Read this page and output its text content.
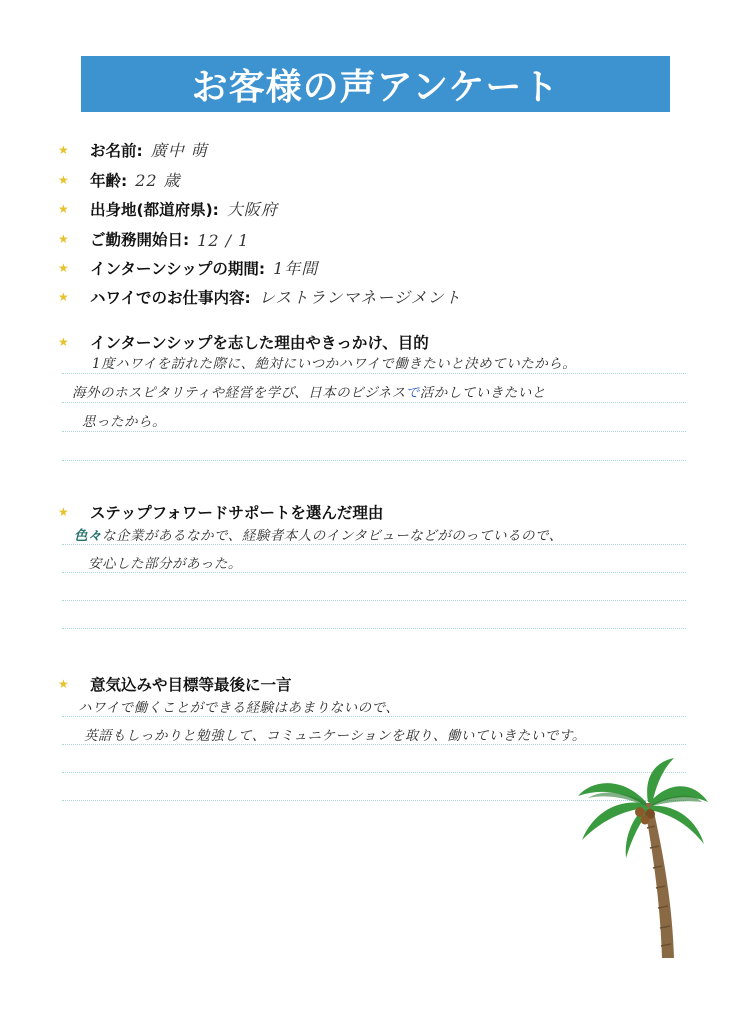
お客様の声アンケート
★	お名前: 廣中 萌
★	年齢: 22 歳
★	出身地(都道府県): 大阪府
★	ご勤務開始日: 12 / 1
★	インターンシップの期間: 1年間
★	ハワイでのお仕事内容: レストランマネージメント
★	インターンシップを志した理由やきっかけ、目的
1度ハワイを訪れた際に、絶対にいつかハワイで働きたいと決めていたから。
海外のホスピタリティや経営を学び、日本のビジネスで活かしていきたいと
思ったから。
★	ステップフォワードサポートを選んだ理由
色々な企業があるなかで、経験者本人のインタビューなどがのっているので、
安心した部分があった。
★	意気込みや目標等最後に一言
ハワイで働くことができる経験はあまりないので、
英語もしっかりと勉強して、コミュニケーションを取り、働いていきたいです。
